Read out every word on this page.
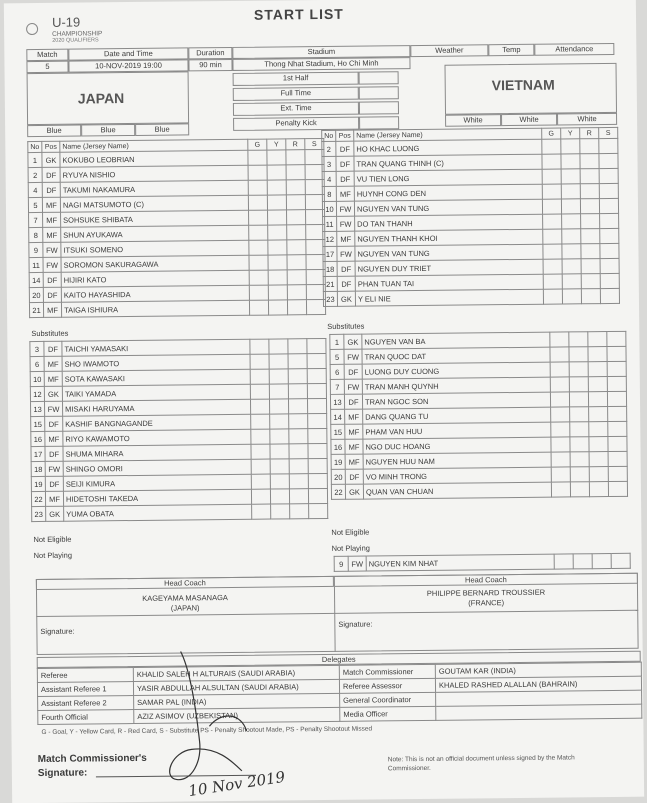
U-19
CHAMPIONSHIP
2020 QUALIFIERS
START LIST
Match	Date and Time	Duration	Stadium	Weather	Temp	Attendance
5	10-NOV-2019 19:00	90 min	Thong Nhat Stadium, Ho Chi Minh
JAPAN
VIETNAM
1st Half
Full Time
Ext. Time
Penalty Kick
Blue	Blue	Blue
White	White	White
No	Pos	Name (Jersey Name)	G	Y	R	S
1	GK	KOKUBO LEOBRIAN				
2	DF	RYUYA NISHIO				
4	DF	TAKUMI NAKAMURA				
5	MF	NAGI MATSUMOTO (C)				
7	MF	SOHSUKE SHIBATA				
8	MF	SHUN AYUKAWA				
9	FW	ITSUKI SOMENO				
11	FW	SOROMON SAKURAGAWA				
14	DF	HIJIRI KATO				
20	DF	KAITO HAYASHIDA				
21	MF	TAIGA ISHIURA				
Substitutes
3	DF	TAICHI YAMASAKI				
6	MF	SHO IWAMOTO				
10	MF	SOTA KAWASAKI				
12	GK	TAIKI YAMADA				
13	FW	MISAKI HARUYAMA				
15	DF	KASHIF BANGNAGANDE				
16	MF	RIYO KAWAMOTO				
17	DF	SHUMA MIHARA				
18	FW	SHINGO OMORI				
19	DF	SEIJI KIMURA				
22	MF	HIDETOSHI TAKEDA				
23	GK	YUMA OBATA				
No	Pos	Name (Jersey Name)	G	Y	R	S
2	DF	HO KHAC LUONG				
3	DF	TRAN QUANG THINH (C)				
4	DF	VU TIEN LONG				
8	MF	HUYNH CONG DEN				
10	FW	NGUYEN VAN TUNG				
11	FW	DO TAN THANH				
12	MF	NGUYEN THANH KHOI				
17	FW	NGUYEN VAN TUNG				
18	DF	NGUYEN DUY TRIET				
21	DF	PHAN TUAN TAI				
23	GK	Y ELI NIE				
Substitutes
1	GK	NGUYEN VAN BA				
5	FW	TRAN QUOC DAT				
6	DF	LUONG DUY CUONG				
7	FW	TRAN MANH QUYNH				
13	DF	TRAN NGOC SON				
14	MF	DANG QUANG TU				
15	MF	PHAM VAN HUU				
16	MF	NGO DUC HOANG				
19	MF	NGUYEN HUU NAM				
20	DF	VO MINH TRONG				
22	GK	QUAN VAN CHUAN				
Not Eligible
Not Playing
Not Eligible
Not Playing
9	FW	NGUYEN KIM NHAT				
Head Coach	Head Coach
KAGEYAMA MASANAGA
(JAPAN)
PHILIPPE BERNARD TROUSSIER
(FRANCE)
Signature:
Signature:
Delegates
Referee	KHALID SALEH H ALTURAIS (SAUDI ARABIA)	Match Commissioner	GOUTAM KAR (INDIA)
Assistant Referee 1	YASIR ABDULLAH ALSULTAN (SAUDI ARABIA)	Referee Assessor	KHALED RASHED ALALLAN (BAHRAIN)
Assistant Referee 2	SAMAR PAL (INDIA)	General Coordinator	
Fourth Official	AZIZ ASIMOV (UZBEKISTAN)	Media Officer	
G - Goal, Y - Yellow Card, R - Red Card, S - Substitute PS - Penalty Shootout Made, PS - Penalty Shootout Missed
Match Commissioner's
Signature:
Note: This is not an official document unless signed by the Match Commissioner.
10 Nov 2019
